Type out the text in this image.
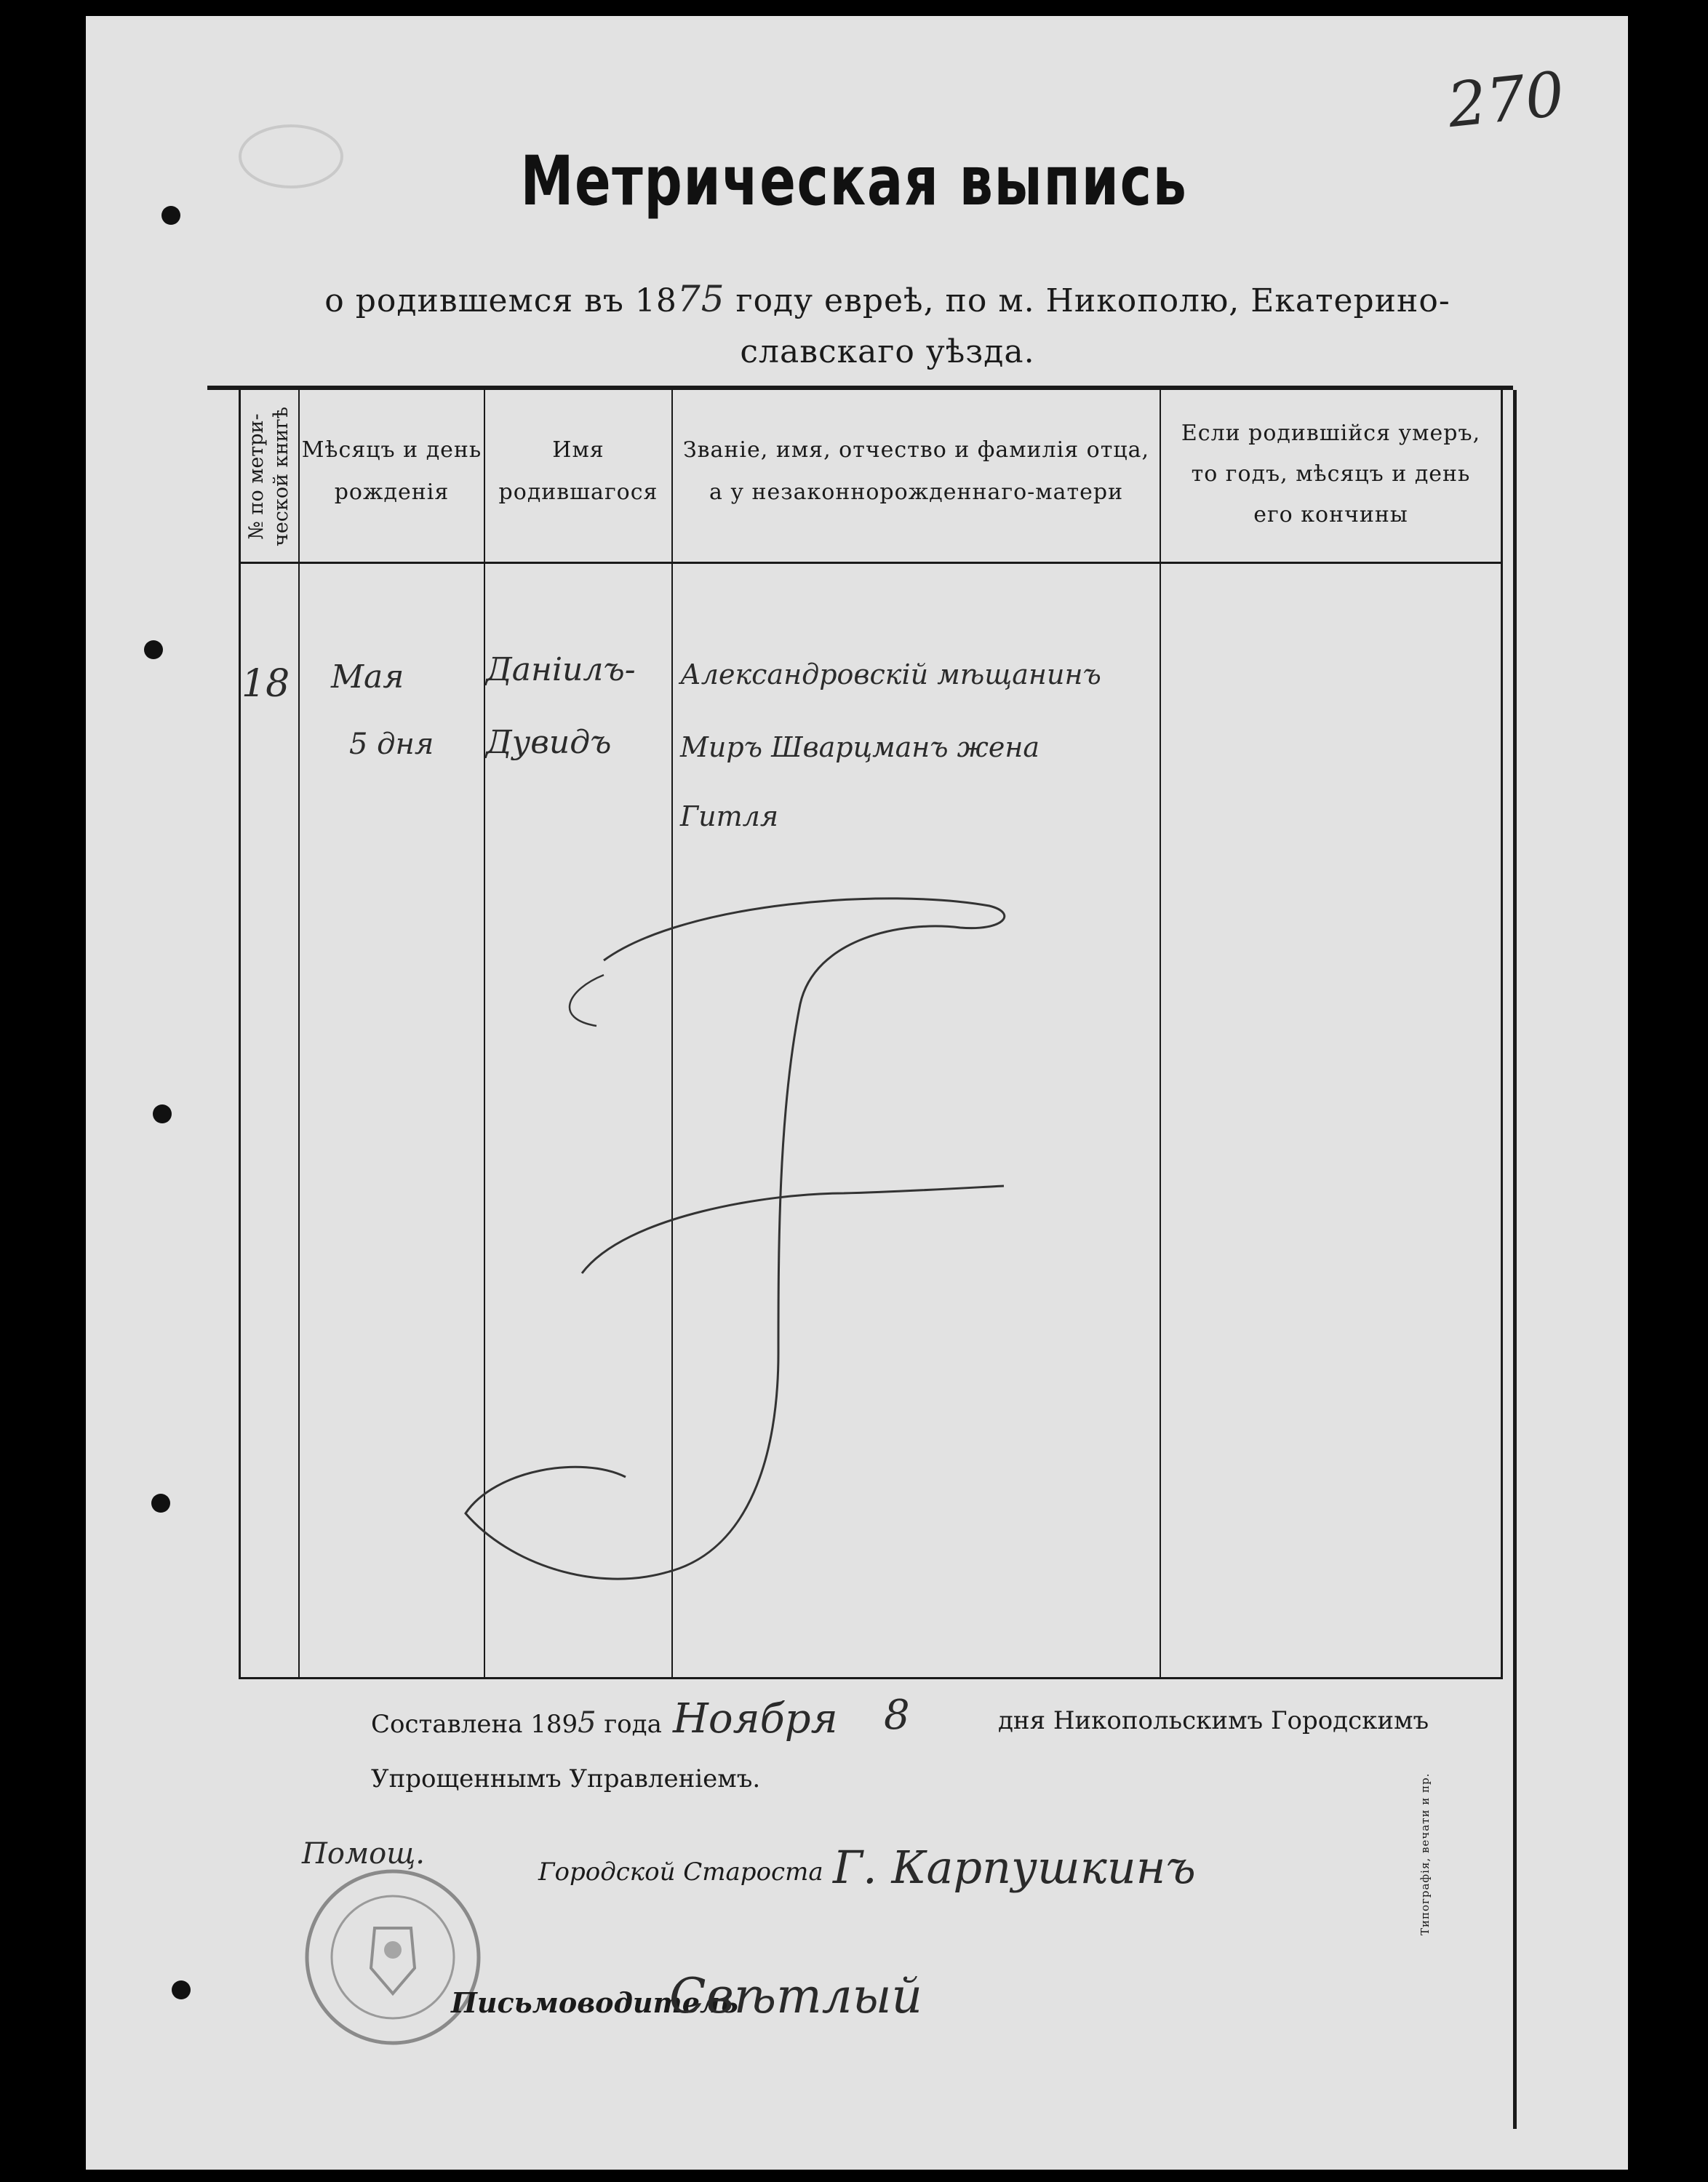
270
Метрическая выпись
о родившемся въ 1875 году евреѣ, по м. Никополю, Екатерино-
славскаго уѣзда.
№ по метри- ческой книгѣ Мѣсяцъ и день
рожденія
Имя
родившагося
Званіе, имя, отчество и фамилія отца,
а у незаконнорожденнаго-матери
Если родившійся умеръ,
то годъ, мѣсяцъ и день
его кончины
18 Мая
5 дня
Даніилъ-
Дувидъ
Александровскій мѣщанинъ
Миръ Шварцманъ жена
Гитля
Составлена 1895 года Ноября 8	дня Никопольскимъ Городскимъ
Упрощеннымъ Управленіемъ.
Помощ.
Городской Староста Г. Карпушкинъ
Письмоводитель
Свѣтлый
Типографія, вечати и пр.
